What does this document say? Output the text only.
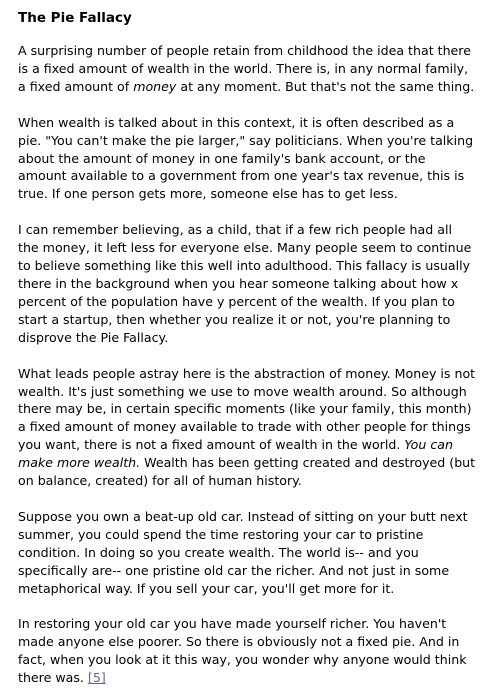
The Pie Fallacy

A surprising number of people retain from childhood the idea that there is a fixed amount of wealth in the world. There is, in any normal family, a fixed amount of money at any moment. But that's not the same thing.

When wealth is talked about in this context, it is often described as a pie. "You can't make the pie larger," say politicians. When you're talking about the amount of money in one family's bank account, or the amount available to a government from one year's tax revenue, this is true. If one person gets more, someone else has to get less.

I can remember believing, as a child, that if a few rich people had all the money, it left less for everyone else. Many people seem to continue to believe something like this well into adulthood. This fallacy is usually there in the background when you hear someone talking about how x percent of the population have y percent of the wealth. If you plan to start a startup, then whether you realize it or not, you're planning to disprove the Pie Fallacy.

What leads people astray here is the abstraction of money. Money is not wealth. It's just something we use to move wealth around. So although there may be, in certain specific moments (like your family, this month) a fixed amount of money available to trade with other people for things you want, there is not a fixed amount of wealth in the world. You can make more wealth. Wealth has been getting created and destroyed (but on balance, created) for all of human history.

Suppose you own a beat-up old car. Instead of sitting on your butt next summer, you could spend the time restoring your car to pristine condition. In doing so you create wealth. The world is-- and you specifically are-- one pristine old car the richer. And not just in some metaphorical way. If you sell your car, you'll get more for it.

In restoring your old car you have made yourself richer. You haven't made anyone else poorer. So there is obviously not a fixed pie. And in fact, when you look at it this way, you wonder why anyone would think there was. [5]
